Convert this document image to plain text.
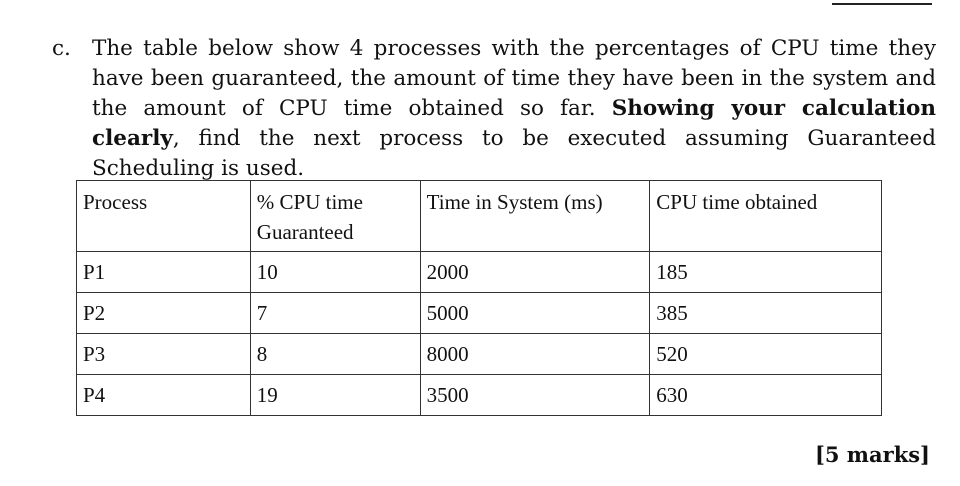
c. The table below show 4 processes with the percentages of CPU time they have been guaranteed, the amount of time they have been in the system and the amount of CPU time obtained so far. Showing your calculation clearly, find the next process to be executed assuming Guaranteed Scheduling is used.
Process	% CPU time Guaranteed	Time in System (ms)	CPU time obtained
P1	10	2000	185
P2	7	5000	385
P3	8	8000	520
P4	19	3500	630
[5 marks]
